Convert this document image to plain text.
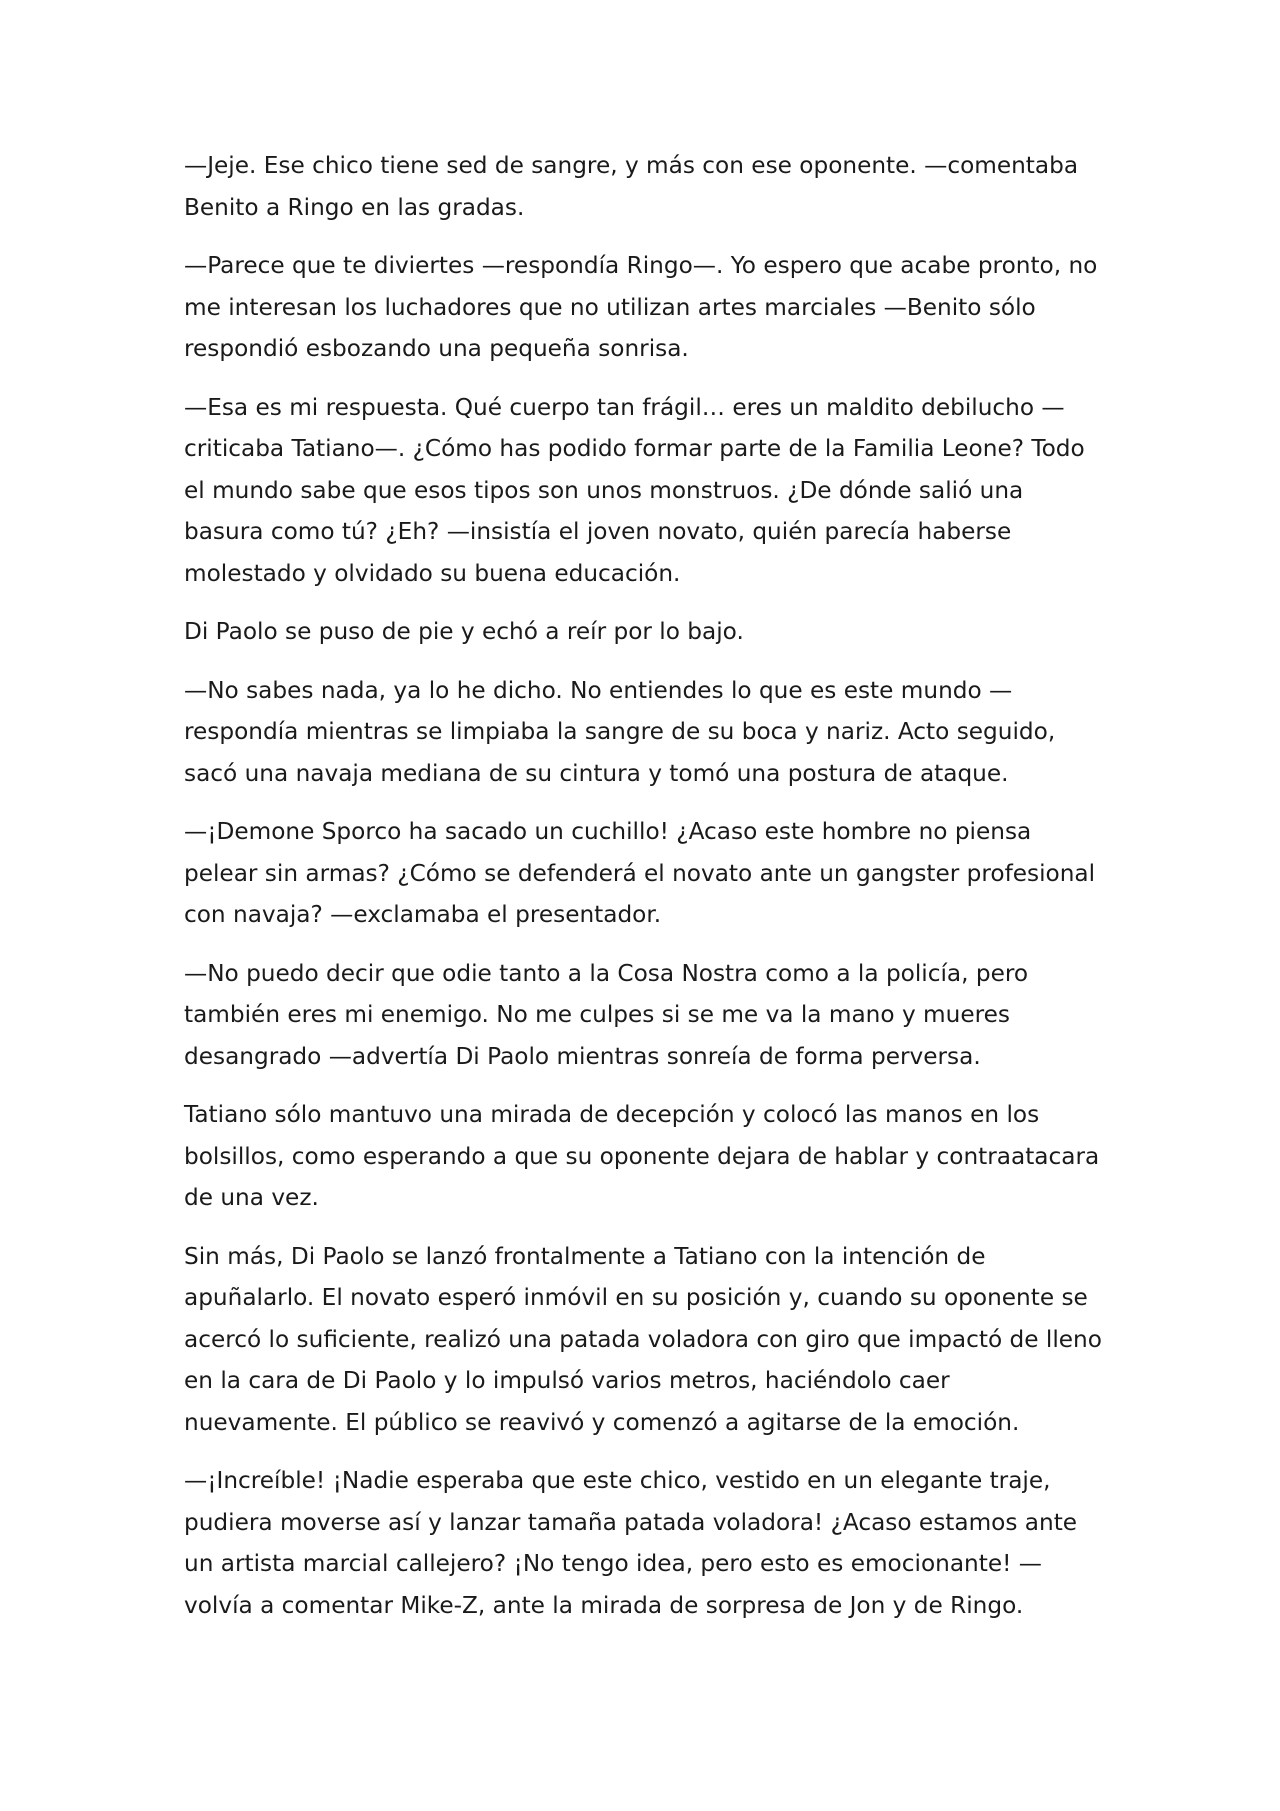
—Jeje. Ese chico tiene sed de sangre, y más con ese oponente. —comentaba Benito a Ringo en las gradas.

—Parece que te diviertes —respondía Ringo—. Yo espero que acabe pronto, no me interesan los luchadores que no utilizan artes marciales —Benito sólo respondió esbozando una pequeña sonrisa.

—Esa es mi respuesta. Qué cuerpo tan frágil… eres un maldito debilucho —criticaba Tatiano—. ¿Cómo has podido formar parte de la Familia Leone? Todo el mundo sabe que esos tipos son unos monstruos. ¿De dónde salió una basura como tú? ¿Eh? —insistía el joven novato, quién parecía haberse molestado y olvidado su buena educación.

Di Paolo se puso de pie y echó a reír por lo bajo.

—No sabes nada, ya lo he dicho. No entiendes lo que es este mundo —respondía mientras se limpiaba la sangre de su boca y nariz. Acto seguido, sacó una navaja mediana de su cintura y tomó una postura de ataque.

—¡Demone Sporco ha sacado un cuchillo! ¿Acaso este hombre no piensa pelear sin armas? ¿Cómo se defenderá el novato ante un gangster profesional con navaja? —exclamaba el presentador.

—No puedo decir que odie tanto a la Cosa Nostra como a la policía, pero también eres mi enemigo. No me culpes si se me va la mano y mueres desangrado —advertía Di Paolo mientras sonreía de forma perversa.

Tatiano sólo mantuvo una mirada de decepción y colocó las manos en los bolsillos, como esperando a que su oponente dejara de hablar y contraatacara de una vez.

Sin más, Di Paolo se lanzó frontalmente a Tatiano con la intención de apuñalarlo. El novato esperó inmóvil en su posición y, cuando su oponente se acercó lo suficiente, realizó una patada voladora con giro que impactó de lleno en la cara de Di Paolo y lo impulsó varios metros, haciéndolo caer nuevamente. El público se reavivó y comenzó a agitarse de la emoción.

—¡Increíble! ¡Nadie esperaba que este chico, vestido en un elegante traje, pudiera moverse así y lanzar tamaña patada voladora! ¿Acaso estamos ante un artista marcial callejero? ¡No tengo idea, pero esto es emocionante! —volvía a comentar Mike-Z, ante la mirada de sorpresa de Jon y de Ringo.
